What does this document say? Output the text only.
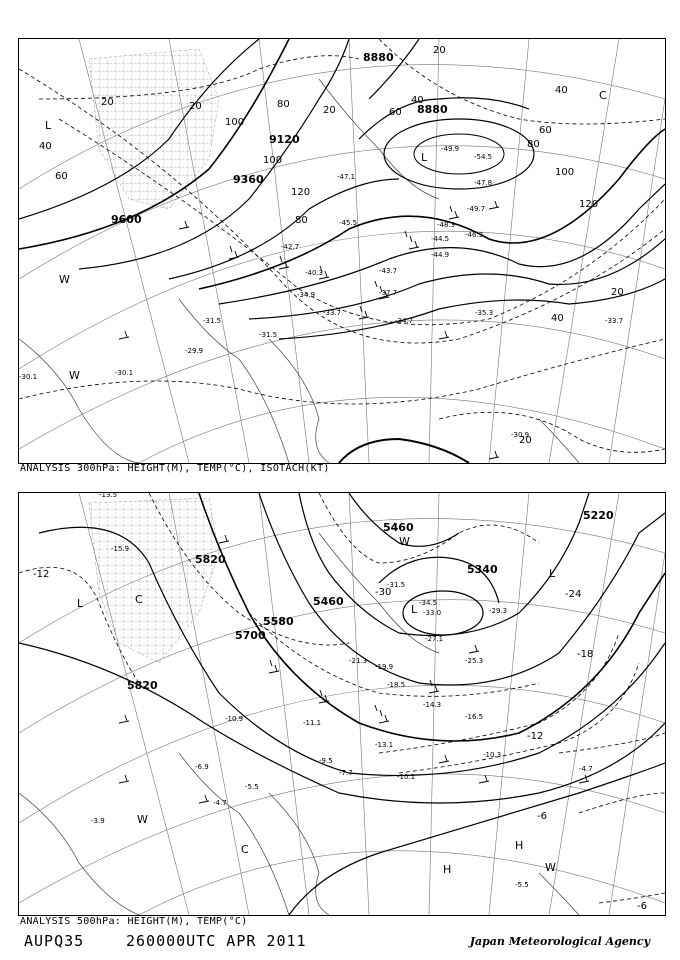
L
L
C
W
W
8880
8880
9120
9360
9600
20	20
40
60
80
100
20
40
60
80
100
120
20
40
60
80
100
120
20
40
20
-49.9
-54.5
-47.1
-47.8
-49.7
-48.3
-46.3
-44.9
-45.5
-44.5
-43.7
-42.7
-40.3
-37.7
-34.9
-35.3
-33.7
-34.7
-31.5
-31.5
-29.9
-30.1	-30.1
-30.9
-33.7
ANALYSIS 300hPa: HEIGHT(M), TEMP(°C), ISOTACH(KT)
L	L
L
C
C
W
W
W
H
H
5460
5340
5220
5460
5580
5700
5820
5820
-12
-24
-18
-12
-6
-6
-30
-34.5
-33.0
-31.5
-29.3
-27.1
-25.3
-21.3
-19.9
-18.5
-16.5
-14.3
-13.1
-10.3
-10.1
-9.5
-7.7
-6.9
-5.5
-4.7
-4.7
-3.9
-5.5
-13.5
-15.9
-10.9	-11.1
ANALYSIS 500hPa: HEIGHT(M), TEMP(°C)
AUPQ35	260000UTC APR 2011	Japan Meteorological Agency
